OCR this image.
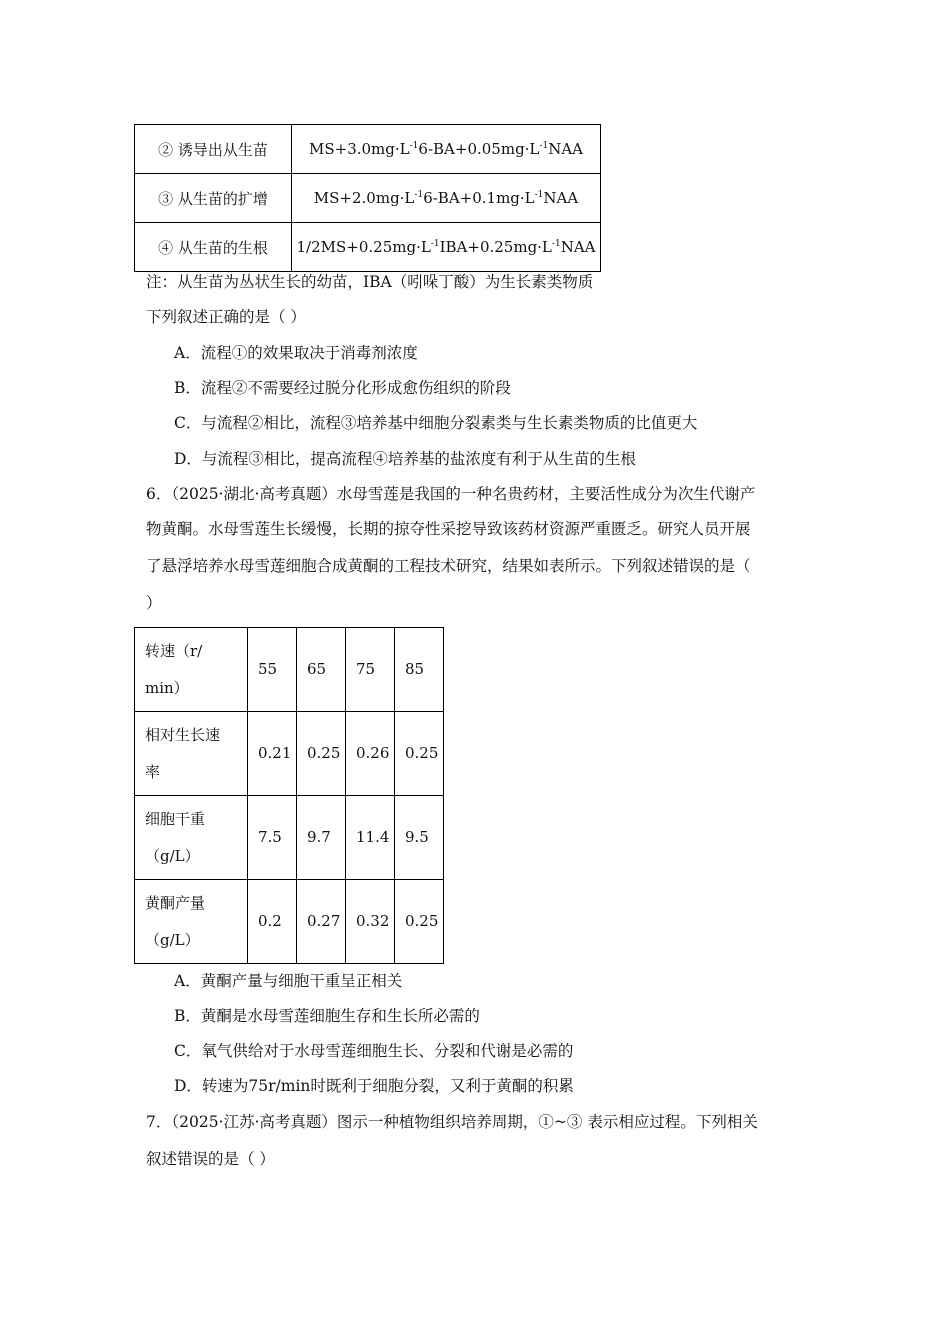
② 诱导出从生苗	$MS+3.0mg\cdot L^{-1}6-BA+0.05mg\cdot L^{-1}NAA$
③ 从生苗的扩增	$MS+2.0mg\cdot L^{-1}6-BA+0.1mg\cdot L^{-1}NAA$
④ 从生苗的生根	$1/2MS+0.25mg\cdot L^{-1}IBA+0.25mg\cdot L^{-1}NAA$
注：从生苗为丛状生长的幼苗，IBA（吲哚丁酸）为生长素类物质
下列叙述正确的是（ ）
A．流程①的效果取决于消毒剂浓度
B．流程②不需要经过脱分化形成愈伤组织的阶段
C．与流程②相比，流程③培养基中细胞分裂素类与生长素类物质的比值更大
D．与流程③相比，提高流程④培养基的盐浓度有利于从生苗的生根
6．（2025·湖北·高考真题）水母雪莲是我国的一种名贵药材，主要活性成分为次生代谢产
物黄酮。水母雪莲生长缓慢，长期的掠夺性采挖导致该药材资源严重匮乏。研究人员开展
了悬浮培养水母雪莲细胞合成黄酮的工程技术研究，结果如表所示。下列叙述错误的是（
）
转速（r/
min）	55	65	75	85

相对生长速
率	0.21	0.25	0.26	0.25

细胞干重
（g/L）	7.5	9.7	11.4	9.5

黄酮产量
（g/L）	0.2	0.27	0.32	0.25
A．黄酮产量与细胞干重呈正相关
B．黄酮是水母雪莲细胞生存和生长所必需的
C．氧气供给对于水母雪莲细胞生长、分裂和代谢是必需的
D．转速为75r/min时既利于细胞分裂，又利于黄酮的积累
7．（2025·江苏·高考真题）图示一种植物组织培养周期，①~③ 表示相应过程。下列相关
叙述错误的是（ ）
